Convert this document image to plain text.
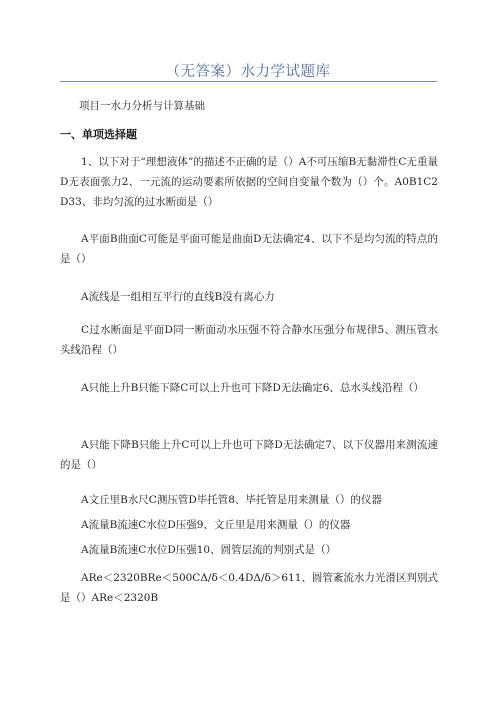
（无答案）水力学试题库
项目一水力分析与计算基础
一、单项选择题

1、以下对于“理想液体”的描述不正确的是（）A不可压缩B无黏滞性C无重量D无表面张力2、一元流的运动要素所依据的空间自变量个数为（）个。A0B1C2D33、非均匀流的过水断面是（）

A平面B曲面C可能是平面可能是曲面D无法确定4、以下不是均匀流的特点的是（）

A流线是一组相互平行的直线B没有离心力

C过水断面是平面D同一断面动水压强不符合静水压强分布规律5、测压管水头线沿程（）

A只能上升B只能下降C可以上升也可下降D无法确定6、总水头线沿程（）

A只能下降B只能上升C可以上升也可下降D无法确定7、以下仪器用来测流速的是（）

A文丘里B水尺C测压管D毕托管8、毕托管是用来测量（）的仪器

A流量B流速C水位D压强9、文丘里是用来测量（）的仪器

A流量B流速C水位D压强10、圆管层流的判别式是（）

ARe＜2320BRe＜500CΔ/δ＜0.4DΔ/δ＞611、圆管紊流水力光滑区判别式是（）ARe＜2320B
